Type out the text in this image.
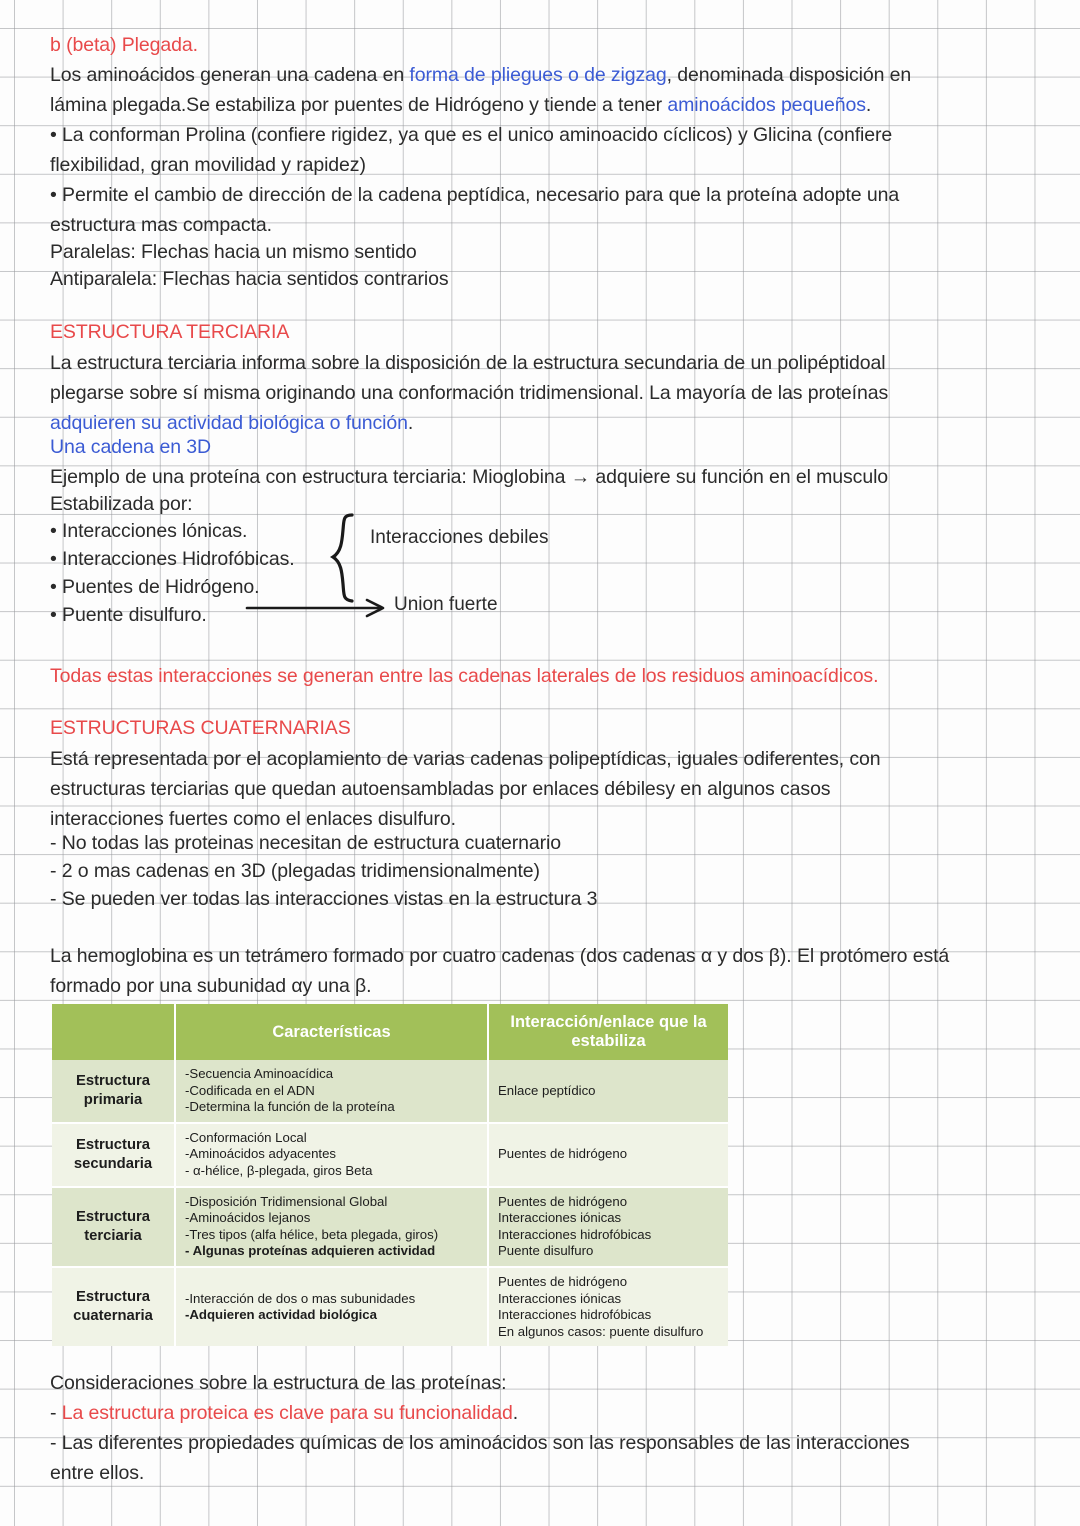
b (beta) Plegada.
Los aminoácidos generan una cadena en forma de pliegues o de zigzag, denominada disposición en
lámina plegada.Se estabiliza por puentes de Hidrógeno y tiende a tener aminoácidos pequeños.
• La conforman Prolina (confiere rigidez, ya que es el unico aminoacido cíclicos) y Glicina (confiere
flexibilidad, gran movilidad y rapidez)
• Permite el cambio de dirección de la cadena peptídica, necesario para que la proteína adopte una
estructura mas compacta.
Paralelas: Flechas hacia un mismo sentido
Antiparalela: Flechas hacia sentidos contrarios
ESTRUCTURA TERCIARIA
La estructura terciaria informa sobre la disposición de la estructura secundaria de un polipéptidoal
plegarse sobre sí misma originando una conformación tridimensional. La mayoría de las proteínas
adquieren su actividad biológica o función.
Una cadena en 3D
Ejemplo de una proteína con estructura terciaria: Mioglobina → adquiere su función en el musculo
Estabilizada por:
• Interacciones lónicas.
• Interacciones Hidrofóbicas.
• Puentes de Hidrógeno.
• Puente disulfuro.
Todas estas interacciones se generan entre las cadenas laterales de los residuos aminoacídicos.
ESTRUCTURAS CUATERNARIAS
Está representada por el acoplamiento de varias cadenas polipeptídicas, iguales odiferentes, con
estructuras terciarias que quedan autoensambladas por enlaces débilesy en algunos casos
interacciones fuertes como el enlaces disulfuro.
- No todas las proteinas necesitan de estructura cuaternario
- 2 o mas cadenas en 3D (plegadas tridimensionalmente)
- Se pueden ver todas las interacciones vistas en la estructura 3
La hemoglobina es un tetrámero formado por cuatro cadenas (dos cadenas α y dos β). El protómero está
formado por una subunidad αy una β.
Consideraciones sobre la estructura de las proteínas:
- La estructura proteica es clave para su funcionalidad.
- Las diferentes propiedades químicas de los aminoácidos son las responsables de las interacciones
entre ellos.
Interacciones debiles
Union fuerte
	Características	Interacción/enlace que la estabiliza
Estructura primaria	-Secuencia Aminoacídica
-Codificada en el ADN
-Determina la función de la proteína	Enlace peptídico

Estructura secundaria	-Conformación Local
-Aminoácidos adyacentes
- α-hélice, β-plegada, giros Beta	Puentes de hidrógeno

Estructura terciaria	-Disposición Tridimensional Global
-Aminoácidos lejanos
-Tres tipos (alfa hélice, beta plegada, giros)
- Algunas proteínas adquieren actividad	Puentes de hidrógeno
Interacciones iónicas
Interacciones hidrofóbicas
Puente disulfuro

Estructura cuaternaria	-Interacción de dos o mas subunidades
-Adquieren actividad biológica	Puentes de hidrógeno
Interacciones iónicas
Interacciones hidrofóbicas
En algunos casos: puente disulfuro
